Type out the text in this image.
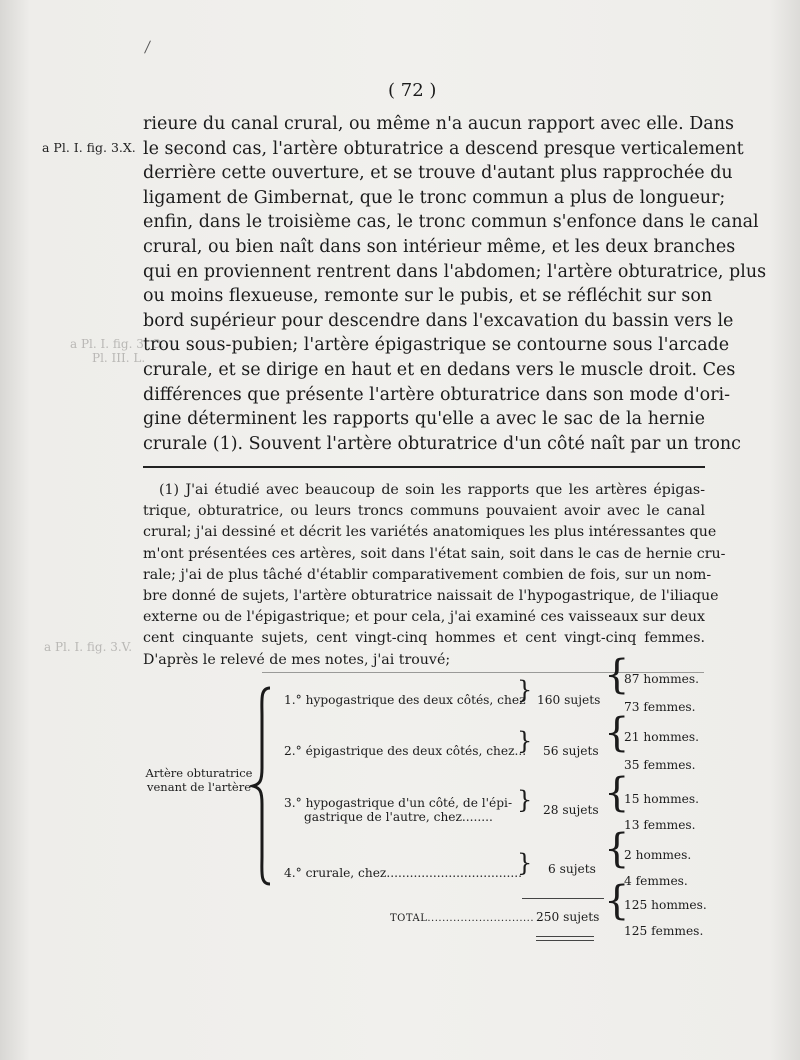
( 72 )
a Pl. I. fig. 3.X.
a Pl. I. fig. 3. O.
Pl. III. L.
a Pl. I. fig. 3.V.
rieure du canal crural, ou même n'a aucun rapport avec elle. Dans
le second cas, l'artère obturatrice a descend presque verticalement
derrière cette ouverture, et se trouve d'autant plus rapprochée du
ligament de Gimbernat, que le tronc commun a plus de longueur;
enfin, dans le troisième cas, le tronc commun s'enfonce dans le canal
crural, ou bien naît dans son intérieur même, et les deux branches
qui en proviennent rentrent dans l'abdomen; l'artère obturatrice, plus
ou moins flexueuse, remonte sur le pubis, et se réfléchit sur son
bord supérieur pour descendre dans l'excavation du bassin vers le
trou sous-pubien; l'artère épigastrique se contourne sous l'arcade
crurale, et se dirige en haut et en dedans vers le muscle droit. Ces
différences que présente l'artère obturatrice dans son mode d'ori-
gine déterminent les rapports qu'elle a avec le sac de la hernie
crurale (1). Souvent l'artère obturatrice d'un côté naît par un tronc
(1) J'ai étudié avec beaucoup de soin les rapports que les artères épigas-
trique, obturatrice, ou leurs troncs communs pouvaient avoir avec le canal
crural; j'ai dessiné et décrit les variétés anatomiques les plus intéressantes que
m'ont présentées ces artères, soit dans l'état sain, soit dans le cas de hernie cru-
rale; j'ai de plus tâché d'établir comparativement combien de fois, sur un nom-
bre donné de sujets, l'artère obturatrice naissait de l'hypogastrique, de l'iliaque
externe ou de l'épigastrique; et pour cela, j'ai examiné ces vaisseaux sur deux
cent cinquante sujets, cent vingt-cinq hommes et cent vingt-cinq femmes.
D'après le relevé de mes notes, j'ai trouvé;
Artère obturatrice
venant de l'artère
1.° hypogastrique des deux côtés, chez
} 160 sujets
{
87 hommes.
73 femmes.
2.° épigastrique des deux côtés, chez...
} 56 sujets {
21 hommes.
35 femmes.
3.° hypogastrique d'un côté, de l'épi-
gastrique de l'autre, chez........
} 28 sujets {
15 hommes.
13 femmes.
4.° crurale, chez...................................
} 6 sujets {
2 hommes.
4 femmes.
TOTAL............................. 250 sujets {
125 hommes.
125 femmes.
